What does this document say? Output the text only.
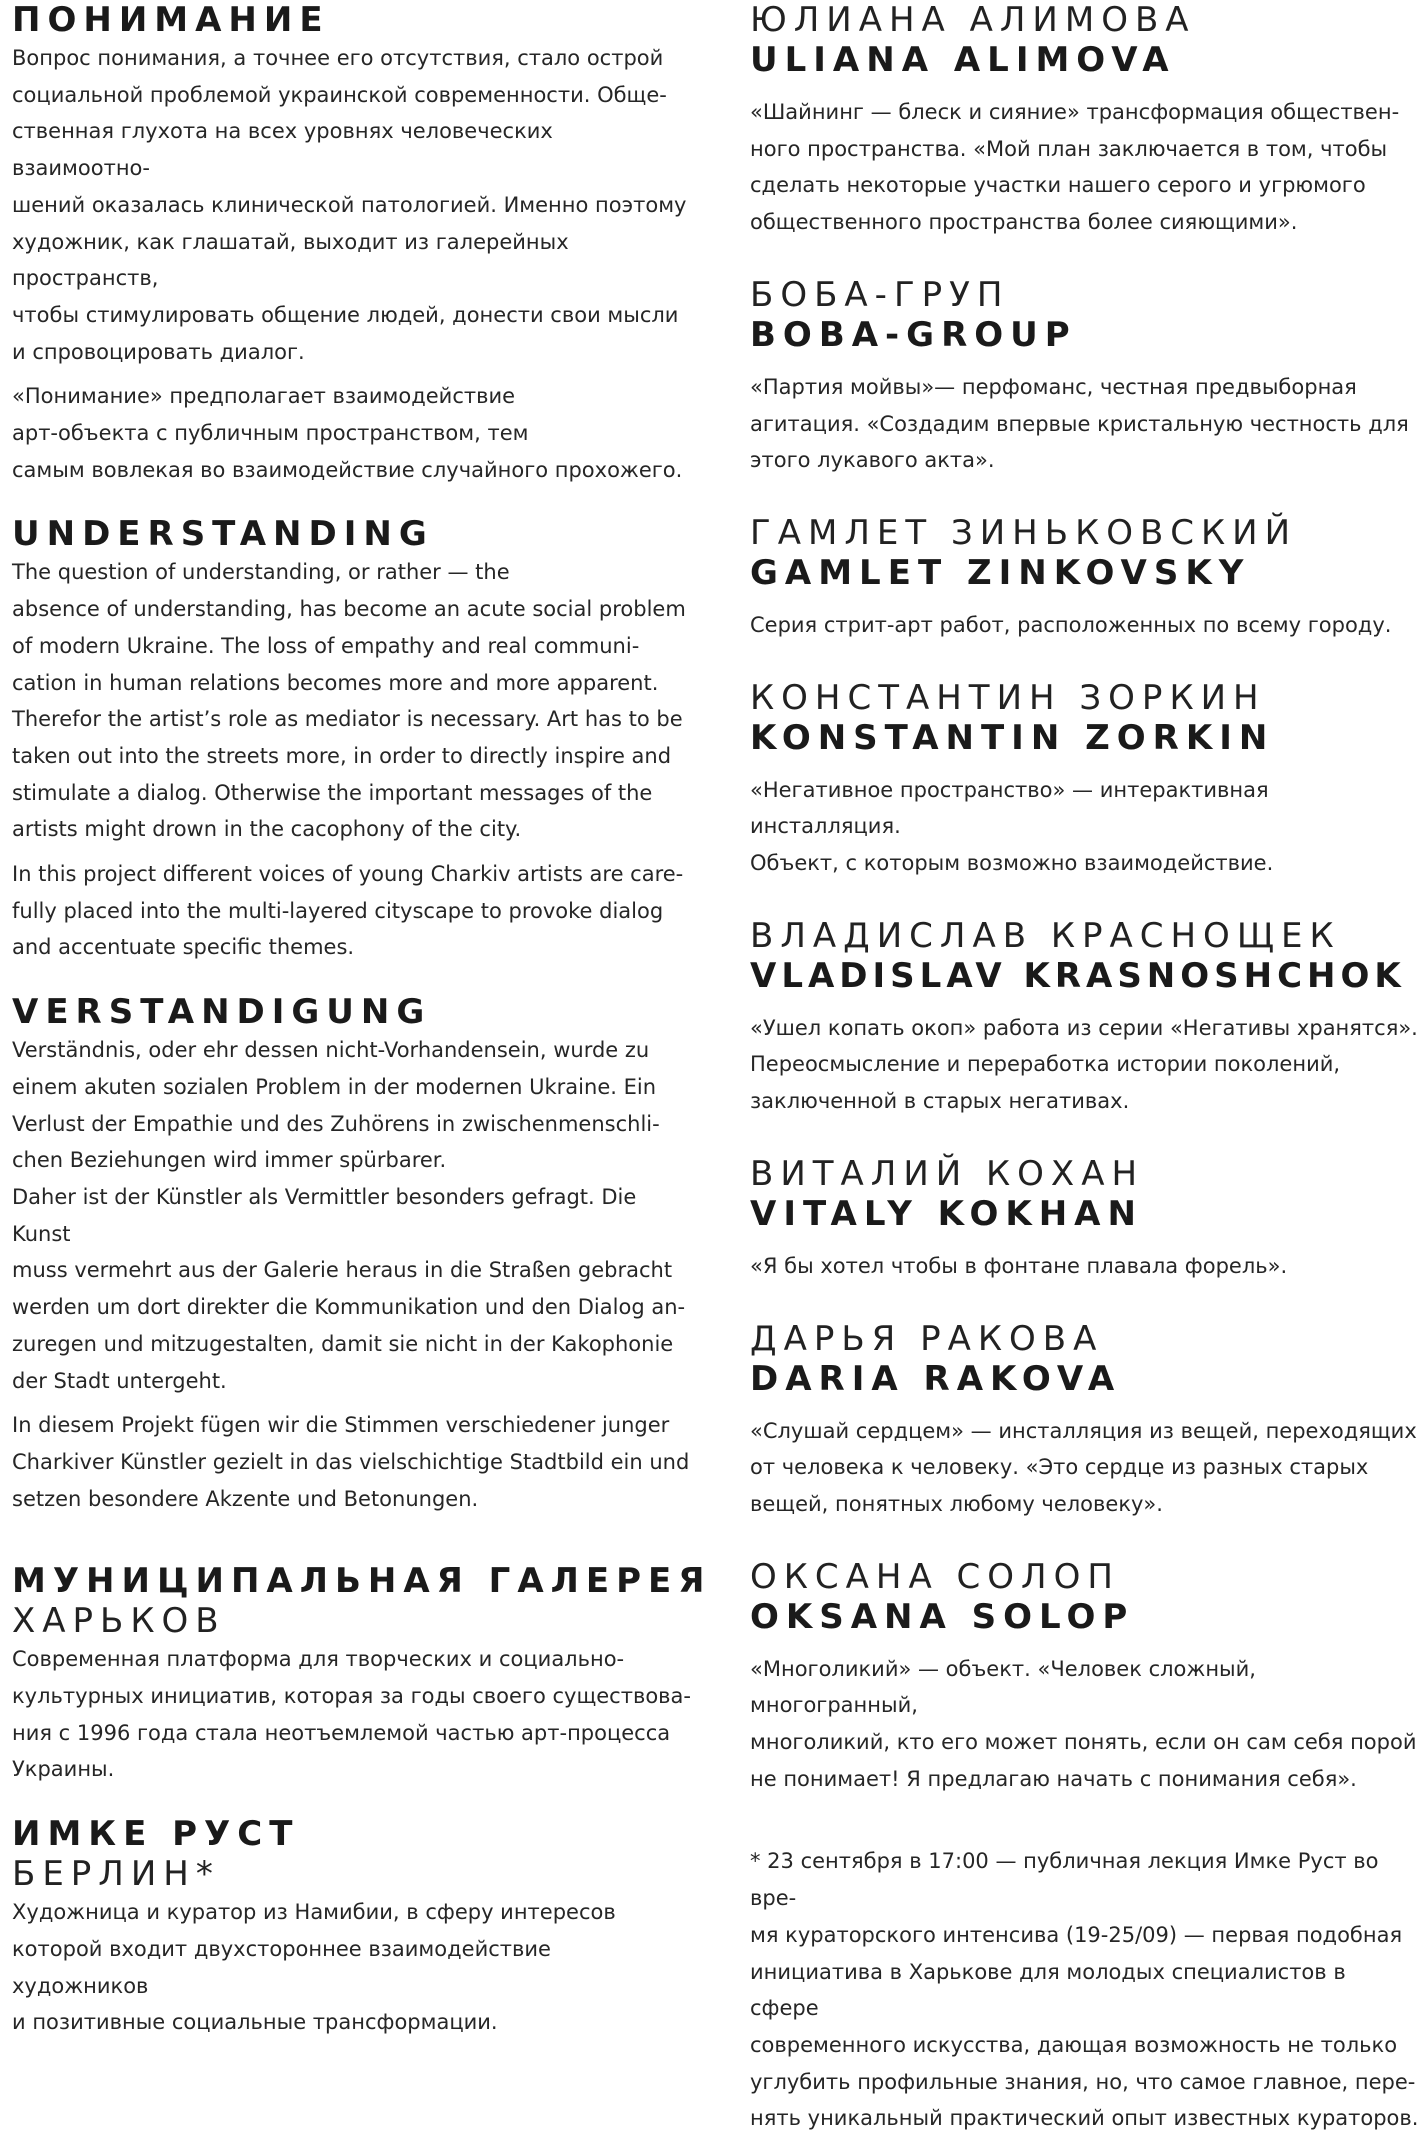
ПОНИМАНИЕ

Вопрос понимания, а точнее его отсутствия, стало острой
социальной проблемой украинской современности. Обще-
ственная глухота на всех уровнях человеческих взаимоотно-
шений оказалась клинической патологией. Именно поэтому
художник, как глашатай, выходит из галерейных пространств,
чтобы стимулировать общение людей, донести свои мысли
и спровоцировать диалог.

«Понимание» предполагает взаимодействие
арт-объекта с публичным пространством, тем
самым вовлекая во взаимодействие случайного прохожего.

UNDERSTANDING

The question of understanding, or rather — the
absence of understanding, has become an acute social problem
of modern Ukraine. The loss of empathy and real communi-
cation in human relations becomes more and more apparent.
Therefor the artist’s role as mediator is necessary. Art has to be
taken out into the streets more, in order to directly inspire and
stimulate a dialog. Otherwise the important messages of the
artists might drown in the cacophony of the city.

In this project different voices of young Charkiv artists are care-
fully placed into the multi-layered cityscape to provoke dialog
and accentuate specific themes.

VERSTANDIGUNG

Verständnis, oder ehr dessen nicht-Vorhandensein, wurde zu
einem akuten sozialen Problem in der modernen Ukraine. Ein
Verlust der Empathie und des Zuhörens in zwischenmenschli-
chen Beziehungen wird immer spürbarer.
Daher ist der Künstler als Vermittler besonders gefragt. Die Kunst
muss vermehrt aus der Galerie heraus in die Straßen gebracht
werden um dort direkter die Kommunikation und den Dialog an-
zuregen und mitzugestalten, damit sie nicht in der Kakophonie
der Stadt untergeht.

In diesem Projekt fügen wir die Stimmen verschiedener junger
Charkiver Künstler gezielt in das vielschichtige Stadtbild ein und
setzen besondere Akzente und Betonungen.

МУНИЦИПАЛЬНАЯ ГАЛЕРЕЯ
ХАРЬКОВ

Современная платформа для творческих и социально-
культурных инициатив, которая за годы своего существова-
ния с 1996 года стала неотъемлемой частью арт-процесса
Украины.

ИМКЕ РУСТ
БЕРЛИН*

Художница и куратор из Намибии, в сферу интересов
которой входит двухстороннее взаимодействие художников
и позитивные социальные трансформации.

ЮЛИАНА АЛИМОВА
ULIANA ALIMOVA

«Шайнинг — блеск и сияние» трансформация обществен-
ного пространства. «Мой план заключается в том, чтобы
сделать некоторые участки нашего серого и угрюмого
общественного пространства более сияющими».

БОБА-ГРУП
BOBA-GROUP

«Партия мойвы»— перфоманс, честная предвыборная
агитация. «Создадим впервые кристальную честность для
этого лукавого акта».

ГАМЛЕТ ЗИНЬКОВСКИЙ
GAMLET ZINKOVSKY

Серия стрит-арт работ, расположенных по всему городу.

КОНСТАНТИН ЗОРКИН
KONSTANTIN ZORKIN

«Негативное пространство» — интерактивная инсталляция.
Объект, с которым возможно взаимодействие.

ВЛАДИСЛАВ КРАСНОЩЕК
VLADISLAV KRASNOSHCHOK

«Ушел копать окоп» работа из серии «Негативы хранятся».
Переосмысление и переработка истории поколений,
заключенной в старых негативах.

ВИТАЛИЙ КОХАН
VITALY KOKHAN

«Я бы хотел чтобы в фонтане плавала форель».

ДАРЬЯ РАКОВА
DARIA RAKOVA

«Слушай сердцем» — инсталляция из вещей, переходящих
от человека к человеку. «Это сердце из разных старых
вещей, понятных любому человеку».

ОКСАНА СОЛОП
OKSANA SOLOP

«Многоликий» — объект. «Человек сложный, многогранный,
многоликий, кто его может понять, если он сам себя порой
не понимает! Я предлагаю начать с понимания себя».

* 23 сентября в 17:00 — публичная лекция Имке Руст во вре-
мя кураторского интенсива (19-25/09) — первая подобная
инициатива в Харькове для молодых специалистов в сфере
современного искусства, дающая возможность не только
углубить профильные знания, но, что самое главное, пере-
нять уникальный практический опыт известных кураторов.
